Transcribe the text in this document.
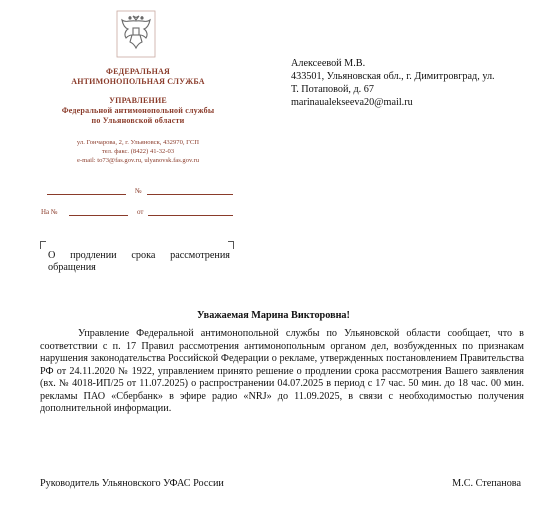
ФЕДЕРАЛЬНАЯ
АНТИМОНОПОЛЬНАЯ СЛУЖБА
УПРАВЛЕНИЕ
Федеральной антимонопольной службы
по Ульяновской области
ул. Гончарова, 2, г. Ульяновск, 432970, ГСП
тел. факс. (8422) 41-32-03
e-mail: to73@fas.gov.ru, ulyanovsk.fas.gov.ru
№
На №	от
Алексеевой М.В.
433501, Ульяновская обл., г. Димитровград, ул.
Т. Потаповой, д. 67
marinaualekseeva20@mail.ru
О продлении срока рассмотрения обращения
Уважаемая Марина Викторовна!
Управление Федеральной антимонопольной службы по Ульяновской области сообщает, что в соответствии с п. 17 Правил рассмотрения антимонопольным органом дел, возбужденных по признакам нарушения законодательства Российской Федерации о рекламе, утвержденных постановлением Правительства РФ от 24.11.2020 № 1922, управлением принято решение о продлении срока рассмотрения Вашего заявления (вх. № 4018-ИП/25 от 11.07.2025) о распространении 04.07.2025 в период с 17 час. 50 мин. до 18 час. 00 мин. рекламы ПАО «Сбербанк» в эфире радио «NRJ» до 11.09.2025, в связи с необходимостью получения дополнительной информации.
Руководитель Ульяновского УФАС России	М.С. Степанова
